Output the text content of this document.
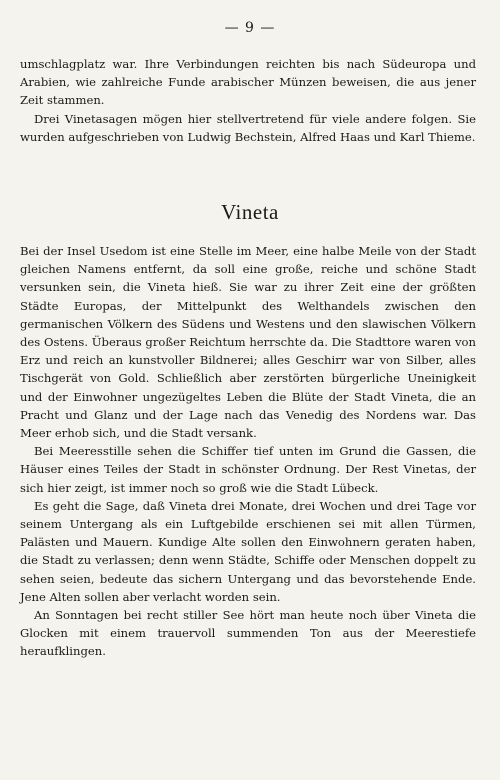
— 9 —

umschlagplatz war. Ihre Verbindungen reichten bis nach Südeuropa und Arabien, wie zahlreiche Funde arabischer Münzen beweisen, die aus jener Zeit stammen.

Drei Vinetasagen mögen hier stellvertretend für viele andere folgen. Sie wurden aufgeschrieben von Ludwig Bechstein, Alfred Haas und Karl Thieme.

Vineta

Bei der Insel Usedom ist eine Stelle im Meer, eine halbe Meile von der Stadt gleichen Namens entfernt, da soll eine große, reiche und schöne Stadt versunken sein, die Vineta hieß. Sie war zu ihrer Zeit eine der größten Städte Europas, der Mittelpunkt des Welthandels zwischen den germanischen Völkern des Südens und Westens und den slawischen Völkern des Ostens. Überaus großer Reichtum herrschte da. Die Stadttore waren von Erz und reich an kunstvoller Bildnerei; alles Geschirr war von Silber, alles Tischgerät von Gold. Schließlich aber zerstörten bürgerliche Uneinigkeit und der Einwohner ungezügeltes Leben die Blüte der Stadt Vineta, die an Pracht und Glanz und der Lage nach das Venedig des Nordens war. Das Meer erhob sich, und die Stadt versank.

Bei Meeresstille sehen die Schiffer tief unten im Grund die Gassen, die Häuser eines Teiles der Stadt in schönster Ordnung. Der Rest Vinetas, der sich hier zeigt, ist immer noch so groß wie die Stadt Lübeck.

Es geht die Sage, daß Vineta drei Monate, drei Wochen und drei Tage vor seinem Untergang als ein Luftgebilde erschienen sei mit allen Türmen, Palästen und Mauern. Kundige Alte sollen den Einwohnern geraten haben, die Stadt zu verlassen; denn wenn Städte, Schiffe oder Menschen doppelt zu sehen seien, bedeute das sichern Untergang und das bevorstehende Ende. Jene Alten sollen aber verlacht worden sein.

An Sonntagen bei recht stiller See hört man heute noch über Vineta die Glocken mit einem trauervoll summenden Ton aus der Meerestiefe heraufklingen.
